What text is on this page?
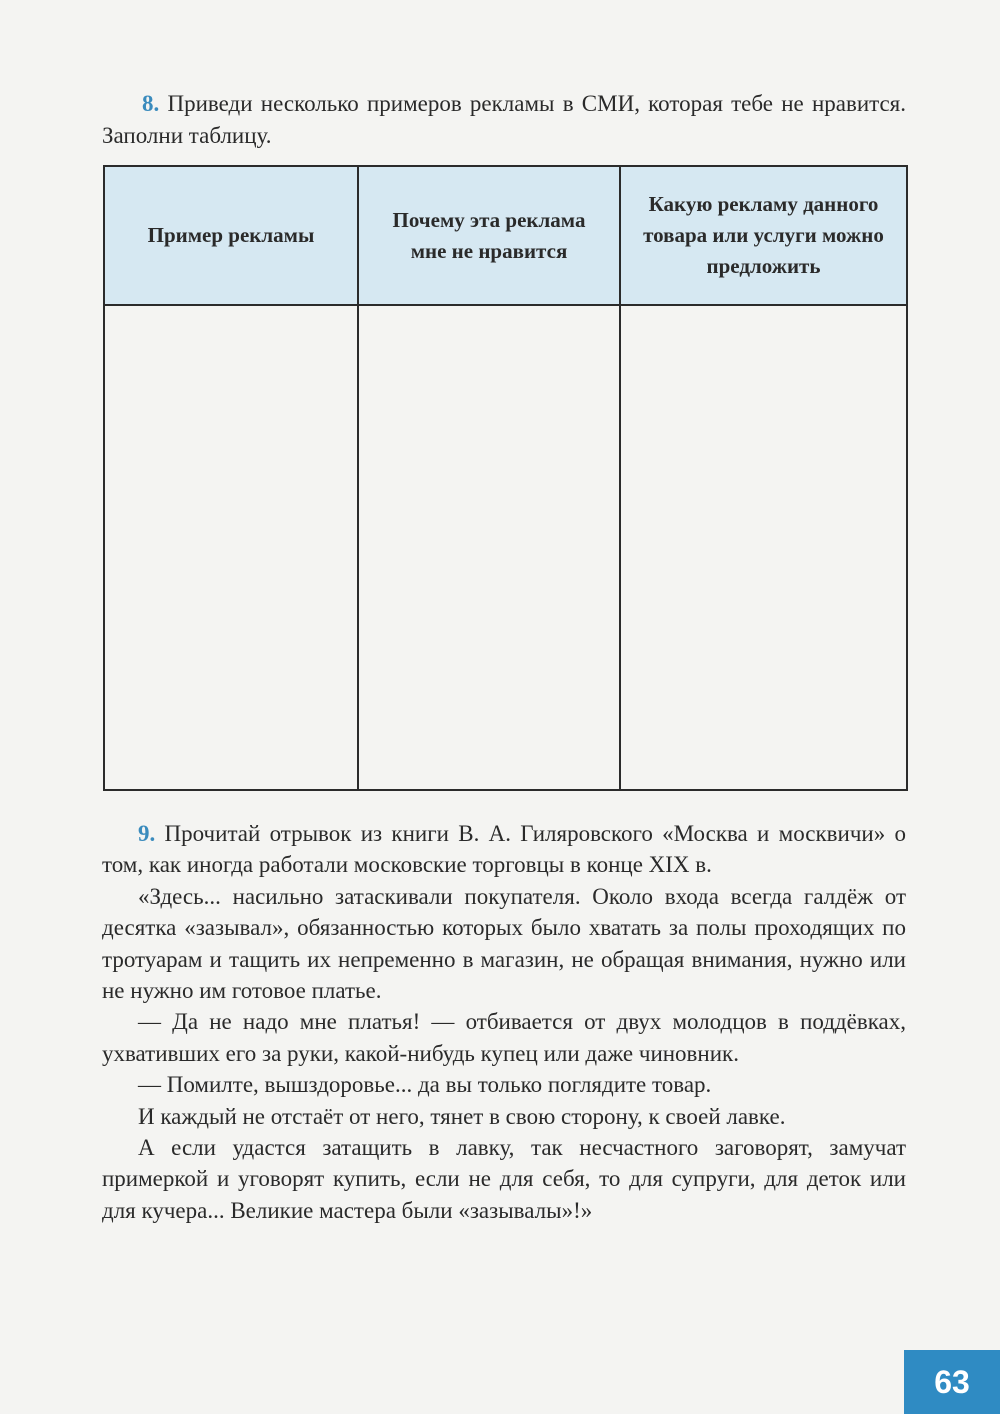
8. Приведи несколько примеров рекламы в СМИ, которая тебе не нравится. Заполни таблицу.
Пример рекламы	Почему эта реклама мне не нравится	Какую рекламу данного товара или услуги можно предложить

9. Прочитай отрывок из книги В. А. Гиляровского «Москва и москвичи» о том, как иногда работали московские торговцы в конце XIX в.

«Здесь... насильно затаскивали покупателя. Около входа всегда галдёж от десятка «зазывал», обязанностью которых было хватать за полы проходящих по тротуарам и тащить их непременно в магазин, не обращая внимания, нужно или не нужно им готовое платье.

— Да не надо мне платья! — отбивается от двух молодцов в поддёвках, ухвативших его за руки, какой-нибудь купец или даже чиновник.

— Помилте, вышздоровье... да вы только поглядите товар.

И каждый не отстаёт от него, тянет в свою сторону, к своей лавке.

А если удастся затащить в лавку, так несчастного заговорят, замучат примеркой и уговорят купить, если не для себя, то для супруги, для деток или для кучера... Великие мастера были «зазывалы»!»

63
